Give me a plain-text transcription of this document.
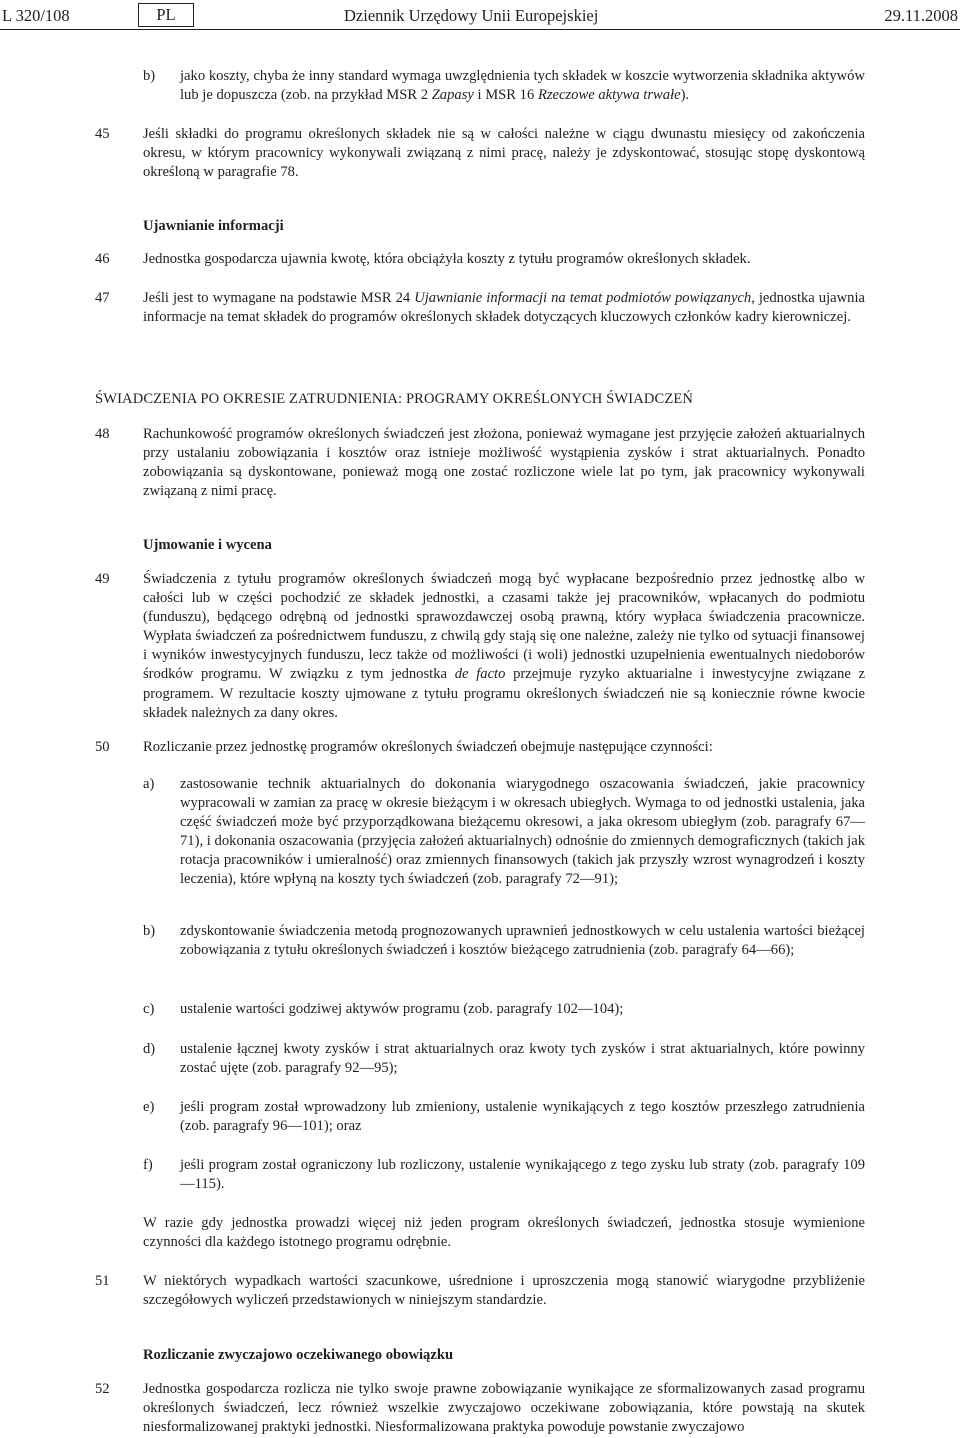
L 320/108	PL	Dziennik Urzędowy Unii Europejskiej	29.11.2008
b) jako koszty, chyba że inny standard wymaga uwzględnienia tych składek w koszcie wytworzenia składnika aktywów lub je dopuszcza (zob. na przykład MSR 2 Zapasy i MSR 16 Rzeczowe aktywa trwałe).

45 Jeśli składki do programu określonych składek nie są w całości należne w ciągu dwunastu miesięcy od zakończenia okresu, w którym pracownicy wykonywali związaną z nimi pracę, należy je zdyskontować, stosując stopę dyskontową określoną w paragrafie 78.

Ujawnianie informacji
46 Jednostka gospodarcza ujawnia kwotę, która obciążyła koszty z tytułu programów określonych składek.

47 Jeśli jest to wymagane na podstawie MSR 24 Ujawnianie informacji na temat podmiotów powiązanych, jednostka ujawnia informacje na temat składek do programów określonych składek dotyczących kluczowych członków kadry kierowniczej.

ŚWIADCZENIA PO OKRESIE ZATRUDNIENIA: PROGRAMY OKREŚLONYCH ŚWIADCZEŃ
48 Rachunkowość programów określonych świadczeń jest złożona, ponieważ wymagane jest przyjęcie założeń aktuarialnych przy ustalaniu zobowiązania i kosztów oraz istnieje możliwość wystąpienia zysków i strat aktuarialnych. Ponadto zobowiązania są dyskontowane, ponieważ mogą one zostać rozliczone wiele lat po tym, jak pracownicy wykonywali związaną z nimi pracę.

Ujmowanie i wycena
49 Świadczenia z tytułu programów określonych świadczeń mogą być wypłacane bezpośrednio przez jednostkę albo w całości lub w części pochodzić ze składek jednostki, a czasami także jej pracowników, wpłacanych do podmiotu (funduszu), będącego odrębną od jednostki sprawozdawczej osobą prawną, który wypłaca świadczenia pracownicze. Wypłata świadczeń za pośrednictwem funduszu, z chwilą gdy stają się one należne, zależy nie tylko od sytuacji finansowej i wyników inwestycyjnych funduszu, lecz także od możliwości (i woli) jednostki uzupełnienia ewentualnych niedoborów środków programu. W związku z tym jednostka de facto przejmuje ryzyko aktuarialne i inwestycyjne związane z programem. W rezultacie koszty ujmowane z tytułu programu określonych świadczeń nie są koniecznie równe kwocie składek należnych za dany okres.

50 Rozliczanie przez jednostkę programów określonych świadczeń obejmuje następujące czynności:

a) zastosowanie technik aktuarialnych do dokonania wiarygodnego oszacowania świadczeń, jakie pracownicy wypracowali w zamian za pracę w okresie bieżącym i w okresach ubiegłych. Wymaga to od jednostki ustalenia, jaka część świadczeń może być przyporządkowana bieżącemu okresowi, a jaka okresom ubiegłym (zob. paragrafy 67—71), i dokonania oszacowania (przyjęcia założeń aktuarialnych) odnośnie do zmiennych demograficznych (takich jak rotacja pracowników i umieralność) oraz zmiennych finansowych (takich jak przyszły wzrost wynagrodzeń i koszty leczenia), które wpłyną na koszty tych świadczeń (zob. paragrafy 72—91);

b) zdyskontowanie świadczenia metodą prognozowanych uprawnień jednostkowych w celu ustalenia wartości bieżącej zobowiązania z tytułu określonych świadczeń i kosztów bieżącego zatrudnienia (zob. paragrafy 64—66);

c) ustalenie wartości godziwej aktywów programu (zob. paragrafy 102—104);

d) ustalenie łącznej kwoty zysków i strat aktuarialnych oraz kwoty tych zysków i strat aktuarialnych, które powinny zostać ujęte (zob. paragrafy 92—95);

e) jeśli program został wprowadzony lub zmieniony, ustalenie wynikających z tego kosztów przeszłego zatrudnienia (zob. paragrafy 96—101); oraz

f) jeśli program został ograniczony lub rozliczony, ustalenie wynikającego z tego zysku lub straty (zob. paragrafy 109—115).

W razie gdy jednostka prowadzi więcej niż jeden program określonych świadczeń, jednostka stosuje wymienione czynności dla każdego istotnego programu odrębnie.

51 W niektórych wypadkach wartości szacunkowe, uśrednione i uproszczenia mogą stanowić wiarygodne przybliżenie szczegółowych wyliczeń przedstawionych w niniejszym standardzie.

Rozliczanie zwyczajowo oczekiwanego obowiązku
52 Jednostka gospodarcza rozlicza nie tylko swoje prawne zobowiązanie wynikające ze sformalizowanych zasad programu określonych świadczeń, lecz również wszelkie zwyczajowo oczekiwane zobowiązania, które powstają na skutek niesformalizowanej praktyki jednostki. Niesformalizowana praktyka powoduje powstanie zwyczajowo
